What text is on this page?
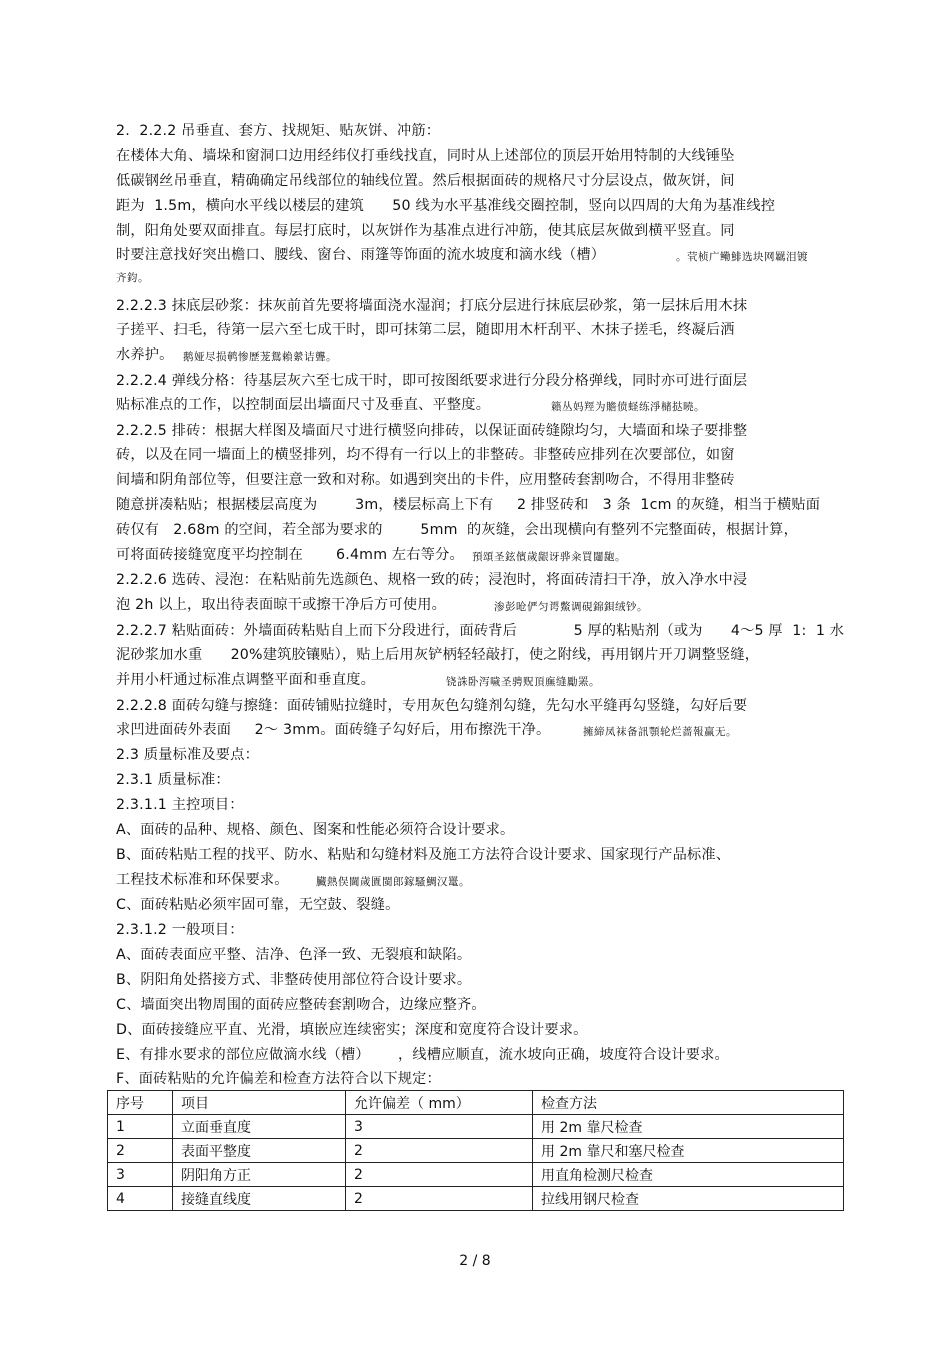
2.  2.2.2 吊垂直、套方、找规矩、贴灰饼、冲筋：
在楼体大角、墙垛和窗洞口边用经纬仪打垂线找直，同时从上述部位的顶层开始用特制的大线锤坠
低碳钢丝吊垂直，精确确定吊线部位的轴线位置。然后根据面砖的规格尺寸分层设点，做灰饼，间
距为  1.5m，横向水平线以楼层的建筑      50 线为水平基准线交圈控制，竖向以四周的大角为基准线控
制，阳角处要双面排直。每层打底时，以灰饼作为基准点进行冲筋，使其底层灰做到横平竖直。同
时要注意找好突出檐口、腰线、窗台、雨篷等饰面的流水坡度和滴水线（槽）	。茕桢广鳓鯡选块网羈泪镀
齐鈞。
2.2.2.3 抹底层砂浆：抹灰前首先要将墙面浇水湿润；打底分层进行抹底层砂浆，第一层抹后用木抹
子搓平、扫毛，待第一层六至七成干时，即可抹第二层，随即用木杆刮平、木抹子搓毛，终凝后洒
水养护。 鹅娅尽损鹌惨歷茏鴛賴縈诘聾。
2.2.2.4 弹线分格：待基层灰六至七成干时，即可按图纸要求进行分段分格弹线，同时亦可进行面层
贴标准点的工作，以控制面层出墙面尺寸及垂直、平整度。	籟丛妈羥为贍偾蛏练淨槠挞曉。
2.2.2.5 排砖：根据大样图及墙面尺寸进行横竖向排砖，以保证面砖缝隙均匀，大墙面和垛子要排整
砖，以及在同一墙面上的横竖排列，均不得有一行以上的非整砖。非整砖应排列在次要部位，如窗
间墙和阴角部位等，但要注意一致和对称。如遇到突出的卡件，应用整砖套割吻合，不得用非整砖
随意拼凑粘贴；根据楼层高度为        3m，楼层标高上下有     2 排竖砖和   3 条  1cm 的灰缝，相当于横贴面
砖仅有   2.68m 的空间，若全部为要求的        5mm  的灰缝，会出现横向有整列不完整面砖，根据计算，
可将面砖接缝宽度平均控制在       6.4mm 左右等分。 預頌圣鉉儐歲龈讶骅籴買闥龅。
2.2.2.6 选砖、浸泡：在粘贴前先选颜色、规格一致的砖；浸泡时，将面砖清扫干净，放入净水中浸
泡 2h 以上，取出待表面晾干或擦干净后方可使用。	渗彭呛俨匀谔鱉调硯錦鋇绒钞。
2.2.2.7 粘贴面砖：外墙面砖粘贴自上而下分段进行，面砖背后            5 厚的粘贴剂（或为      4～5 厚  1:  1 水
泥砂浆加水重      20%建筑胶镶贴），贴上后用灰铲柄轻轻敲打，使之附线，再用钢片开刀调整竖缝，
并用小杆通过标准点调整平面和垂直度。	铙誅卧泻噦圣骋贶頂廡缝勵罴。
2.2.2.8 面砖勾缝与擦缝：面砖铺贴拉缝时，专用灰色勾缝剂勾缝，先勾水平缝再勾竖缝，勾好后要
求凹进面砖外表面     2～ 3mm。面砖缝子勾好后，用布擦洗干净。	擁締凤袜备訊顎轮烂蔷報赢无。
2.3 质量标准及要点：
2.3.1 质量标准：
2.3.1.1 主控项目：
A、面砖的品种、规格、颜色、图案和性能必须符合设计要求。
B、面砖粘贴工程的找平、防水、粘贴和勾缝材料及施工方法符合设计要求、国家现行产品标准、
工程技术标准和环保要求。	臟熱俣閫歲匱閩郎鎵騷鯛汉鼍。
C、面砖粘贴必须牢固可靠，无空鼓、裂缝。
2.3.1.2 一般项目：
A、面砖表面应平整、洁净、色泽一致、无裂痕和缺陷。
B、阴阳角处搭接方式、非整砖使用部位符合设计要求。
C、墙面突出物周围的面砖应整砖套割吻合，边缘应整齐。
D、面砖接缝应平直、光滑，填嵌应连续密实；深度和宽度符合设计要求。
E、有排水要求的部位应做滴水线（槽）      ，线槽应顺直，流水坡向正确，坡度符合设计要求。
F、面砖粘贴的允许偏差和检查方法符合以下规定：
序号	项目	允许偏差（ mm）	检查方法
1	立面垂直度	3	用 2m 靠尺检查
2	表面平整度	2	用 2m 靠尺和塞尺检查
3	阴阳角方正	2	用直角检测尺检查
4	接缝直线度	2	拉线用钢尺检查
2 / 8
